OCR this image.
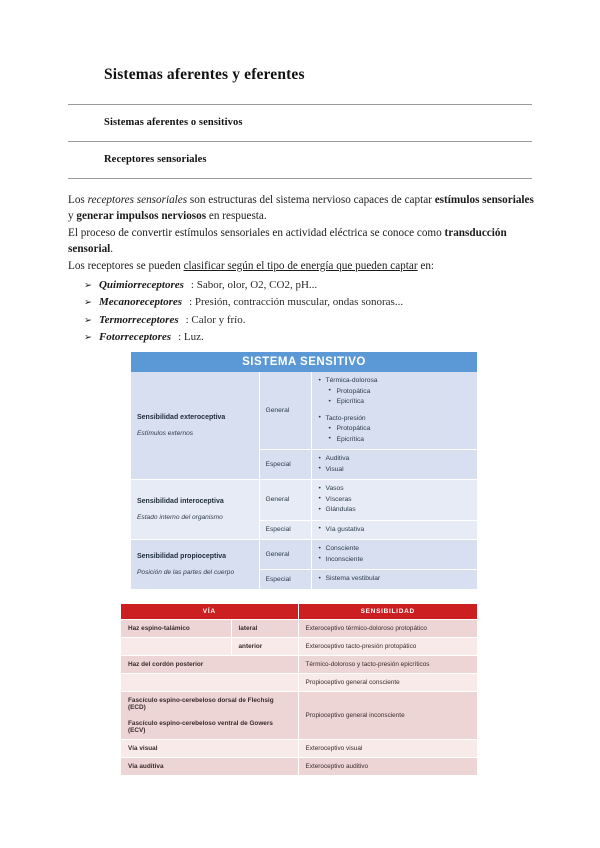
Sistemas aferentes y eferentes
Sistemas aferentes o sensitivos
Receptores sensoriales
Los receptores sensoriales son estructuras del sistema nervioso capaces de captar estímulos sensoriales y generar impulsos nerviosos en respuesta.
El proceso de convertir estímulos sensoriales en actividad eléctrica se conoce como transducción sensorial.
Los receptores se pueden clasificar según el tipo de energía que pueden captar en:
➢ Quimiorreceptores : Sabor, olor, O2, CO2, pH...
➢ Mecanoreceptores : Presión, contracción muscular, ondas sonoras...
➢ Termorreceptores : Calor y frío.
➢ Fotorreceptores : Luz.
SISTEMA SENSITIVO		

Sensibilidad exteroceptiva
Estímulos externos
	General	
• Térmica-dolorosa
• Protopática
• Epicrítica
• Tacto-presión
• Protopática
• Epicrítica

Especial	
• Auditiva
• Visual

Sensibilidad interoceptiva
Estado interno del organismo
	General	
• Vasos
• Vísceras
• Glándulas

Especial	
•Vía gustativa

Sensibilidad propioceptiva
Posición de las partes del cuerpo
	General	
• Consciente
• Inconsciente

Especial	
•Sistema vestibular
VÍA		SENSIBILIDAD

Haz espino-talámico	lateral	Exteroceptivo térmico-doloroso protopático
	anterior	Exteroceptivo tacto-presión protopático

Haz del cordón posterior		Térmico-doloroso y tacto-presión epicríticos
		Propioceptivo general consciente

Fascículo espino-cerebeloso dorsal de Flechsig (ECD)
Fascículo espino-cerebeloso ventral de Gowers (ECV)		Propioceptivo general inconsciente

Vía visual		Exteroceptivo visual

Vía auditiva		Exteroceptivo auditivo
